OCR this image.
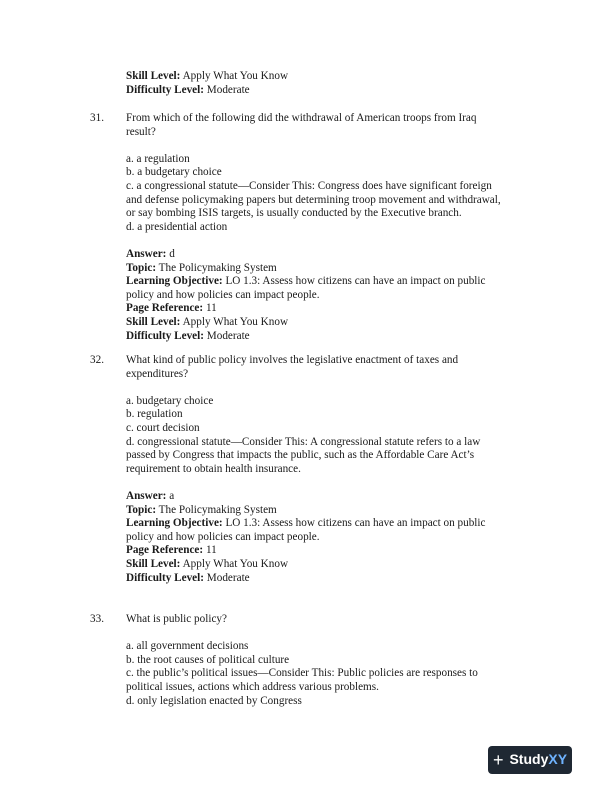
Skill Level: Apply What You Know
Difficulty Level: Moderate
31. From which of the following did the withdrawal of American troops from Iraq
result?
a. a regulation
b. a budgetary choice
c. a congressional statute—Consider This: Congress does have significant foreign
and defense policymaking papers but determining troop movement and withdrawal,
or say bombing ISIS targets, is usually conducted by the Executive branch.
d. a presidential action
Answer: d
Topic: The Policymaking System
Learning Objective: LO 1.3: Assess how citizens can have an impact on public
policy and how policies can impact people.
Page Reference: 11
Skill Level: Apply What You Know
Difficulty Level: Moderate
32. What kind of public policy involves the legislative enactment of taxes and
expenditures?
a. budgetary choice
b. regulation
c. court decision
d. congressional statute—Consider This: A congressional statute refers to a law
passed by Congress that impacts the public, such as the Affordable Care Act’s
requirement to obtain health insurance.
Answer: a
Topic: The Policymaking System
Learning Objective: LO 1.3: Assess how citizens can have an impact on public
policy and how policies can impact people.
Page Reference: 11
Skill Level: Apply What You Know
Difficulty Level: Moderate
33. What is public policy?
a. all government decisions
b. the root causes of political culture
c. the public’s political issues—Consider This: Public policies are responses to
political issues, actions which address various problems.
d. only legislation enacted by Congress
+ StudyXY
